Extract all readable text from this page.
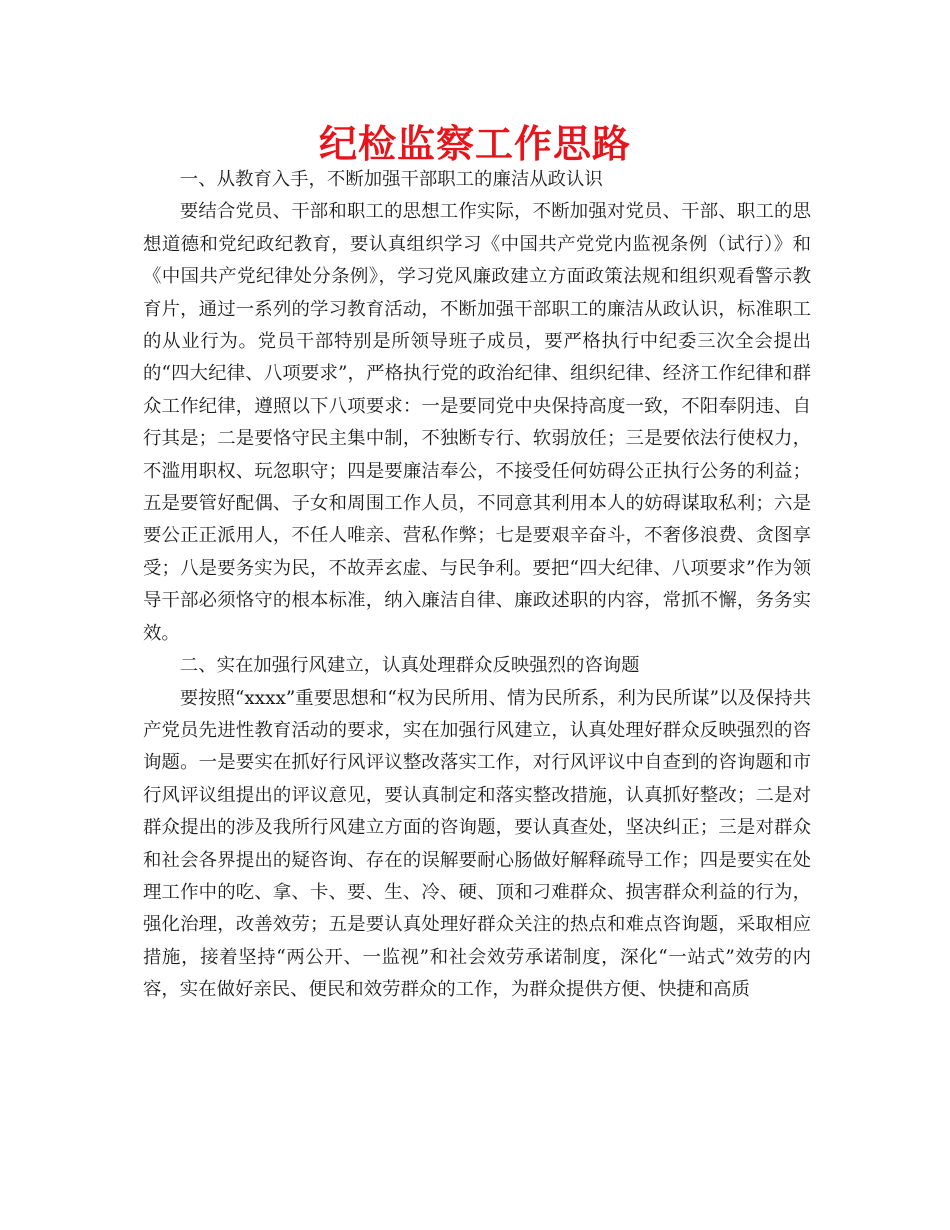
纪检监察工作思路

一、从教育入手，不断加强干部职工的廉洁从政认识

要结合党员、干部和职工的思想工作实际，不断加强对党员、干部、职工的思想道德和党纪政纪教育，要认真组织学习《中国共产党党内监视条例（试行）》和《中国共产党纪律处分条例》，学习党风廉政建立方面政策法规和组织观看警示教育片，通过一系列的学习教育活动，不断加强干部职工的廉洁从政认识，标准职工的从业行为。党员干部特别是所领导班子成员，要严格执行中纪委三次全会提出的“四大纪律、八项要求”，严格执行党的政治纪律、组织纪律、经济工作纪律和群众工作纪律，遵照以下八项要求：一是要同党中央保持高度一致，不阳奉阴违、自行其是；二是要恪守民主集中制，不独断专行、软弱放任；三是要依法行使权力，不滥用职权、玩忽职守；四是要廉洁奉公，不接受任何妨碍公正执行公务的利益；五是要管好配偶、子女和周围工作人员，不同意其利用本人的妨碍谋取私利；六是要公正正派用人，不任人唯亲、营私作弊；七是要艰辛奋斗，不奢侈浪费、贪图享受；八是要务实为民，不故弄玄虚、与民争利。要把“四大纪律、八项要求”作为领导干部必须恪守的根本标准，纳入廉洁自律、廉政述职的内容，常抓不懈，务务实效。

二、实在加强行风建立，认真处理群众反映强烈的咨询题

要按照“xxxx”重要思想和“权为民所用、情为民所系，利为民所谋”以及保持共产党员先进性教育活动的要求，实在加强行风建立，认真处理好群众反映强烈的咨询题。一是要实在抓好行风评议整改落实工作，对行风评议中自查到的咨询题和市行风评议组提出的评议意见，要认真制定和落实整改措施，认真抓好整改；二是对群众提出的涉及我所行风建立方面的咨询题，要认真查处，坚决纠正；三是对群众和社会各界提出的疑咨询、存在的误解要耐心肠做好解释疏导工作；四是要实在处理工作中的吃、拿、卡、要、生、冷、硬、顶和刁难群众、损害群众利益的行为，强化治理，改善效劳；五是要认真处理好群众关注的热点和难点咨询题，采取相应措施，接着坚持“两公开、一监视”和社会效劳承诺制度，深化“一站式”效劳的内容，实在做好亲民、便民和效劳群众的工作，为群众提供方便、快捷和高质
